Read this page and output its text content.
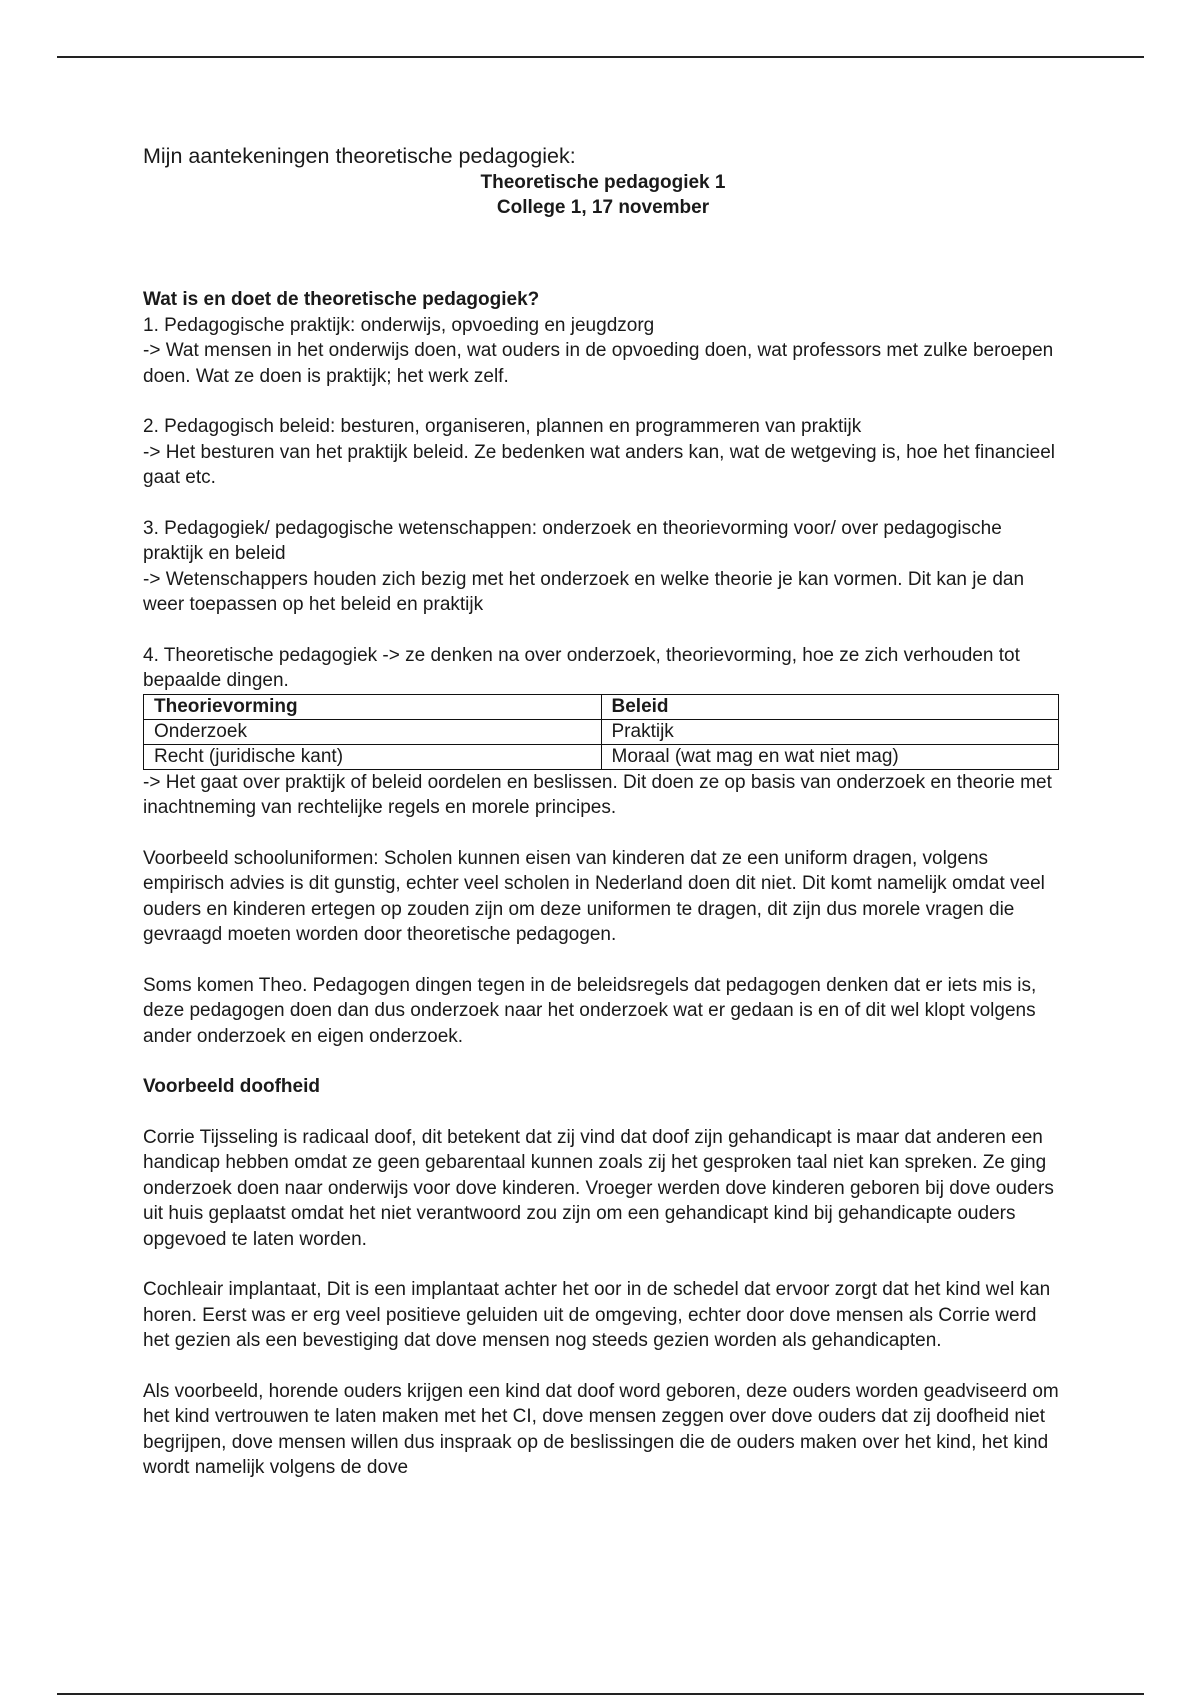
Mijn aantekeningen theoretische pedagogiek:

Theoretische pedagogiek 1

College 1, 17 november

Wat is en doet de theoretische pedagogiek?

1. Pedagogische praktijk: onderwijs, opvoeding en jeugdzorg

-> Wat mensen in het onderwijs doen, wat ouders in de opvoeding doen, wat professors met zulke beroepen doen. Wat ze doen is praktijk; het werk zelf.

2. Pedagogisch beleid: besturen, organiseren, plannen en programmeren van praktijk

-> Het besturen van het praktijk beleid. Ze bedenken wat anders kan, wat de wetgeving is, hoe het financieel gaat etc.

3. Pedagogiek/ pedagogische wetenschappen: onderzoek en theorievorming voor/ over pedagogische praktijk en beleid

-> Wetenschappers houden zich bezig met het onderzoek en welke theorie je kan vormen. Dit kan je dan weer toepassen op het beleid en praktijk

4. Theoretische pedagogiek -> ze denken na over onderzoek, theorievorming, hoe ze zich verhouden tot bepaalde dingen.

Theorievorming	Beleid
Onderzoek	Praktijk
Recht (juridische kant)	Moraal (wat mag en wat niet mag)

-> Het gaat over praktijk of beleid oordelen en beslissen. Dit doen ze op basis van onderzoek en theorie met inachtneming van rechtelijke regels en morele principes.

Voorbeeld schooluniformen: Scholen kunnen eisen van kinderen dat ze een uniform dragen, volgens empirisch advies is dit gunstig, echter veel scholen in Nederland doen dit niet. Dit komt namelijk omdat veel ouders en kinderen ertegen op zouden zijn om deze uniformen te dragen, dit zijn dus morele vragen die gevraagd moeten worden door theoretische pedagogen.

Soms komen Theo. Pedagogen dingen tegen in de beleidsregels dat pedagogen denken dat er iets mis is, deze pedagogen doen dan dus onderzoek naar het onderzoek wat er gedaan is en of dit wel klopt volgens ander onderzoek en eigen onderzoek.

Voorbeeld doofheid

Corrie Tijsseling is radicaal doof, dit betekent dat zij vind dat doof zijn gehandicapt is maar dat anderen een handicap hebben omdat ze geen gebarentaal kunnen zoals zij het gesproken taal niet kan spreken. Ze ging onderzoek doen naar onderwijs voor dove kinderen. Vroeger werden dove kinderen geboren bij dove ouders uit huis geplaatst omdat het niet verantwoord zou zijn om een gehandicapt kind bij gehandicapte ouders opgevoed te laten worden.

Cochleair implantaat, Dit is een implantaat achter het oor in de schedel dat ervoor zorgt dat het kind wel kan horen. Eerst was er erg veel positieve geluiden uit de omgeving, echter door dove mensen als Corrie werd het gezien als een bevestiging dat dove mensen nog steeds gezien worden als gehandicapten.

Als voorbeeld, horende ouders krijgen een kind dat doof word geboren, deze ouders worden geadviseerd om het kind vertrouwen te laten maken met het CI, dove mensen zeggen over dove ouders dat zij doofheid niet begrijpen, dove mensen willen dus inspraak op de beslissingen die de ouders maken over het kind, het kind wordt namelijk volgens de dove
